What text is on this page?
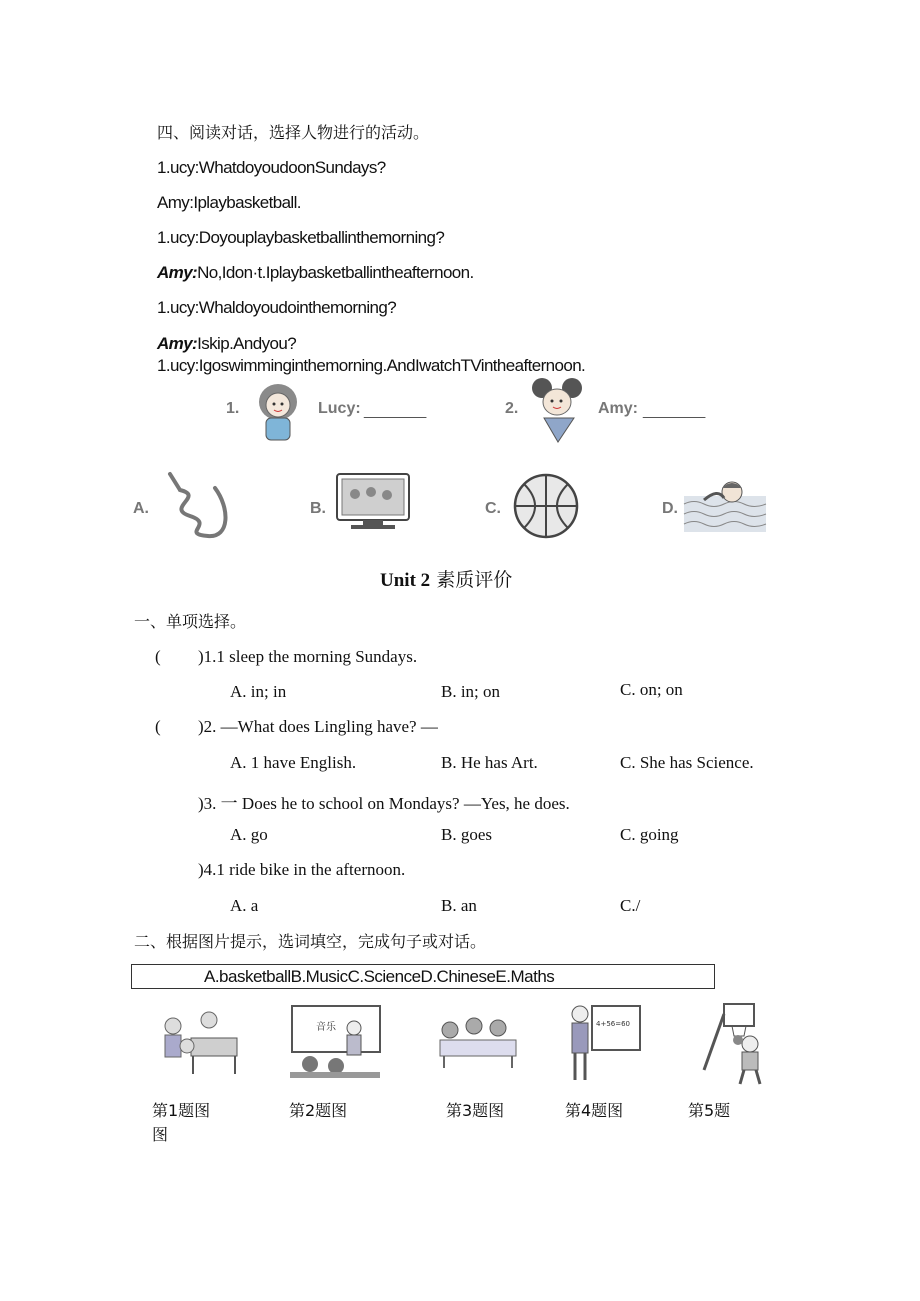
四、阅读对话，选择人物进行的活动。
1.ucy:WhatdoyoudoonSundays?
Amy:Iplaybasketball.
1.ucy:Doyouplaybasketballinthemorning?
Amy:No,Idon·t.Iplaybasketballintheafternoon.
1.ucy:Whaldoyoudointhemorning?
Amy:Iskip.Andyou?
1.ucy:Igoswimminginthemorning.AndIwatchTVintheafternoon.
1.	Lucy: _______	2.	Amy: _______
A.	B.	C.	D.
Unit 2 素质评价
一、单项选择。
( )1.1 sleep the morning Sundays.
A. in; in	B. in; on	C. on; on
( )2. —What does Lingling have? —
A. 1 have English.	B. He has Art.	C. She has Science.
)3. 一 Does he to school on Mondays? —Yes, he does.
A. go	B. goes	C. going
)4.1 ride bike in the afternoon.
A. a	B. an	C./
二、根据图片提示，选词填空，完成句子或对话。
A.basketballB.MusicC.ScienceD.ChineseE.Maths
音乐	4+56=60
第1题图
图
第2题图	第3题图	第4题图	第5题
